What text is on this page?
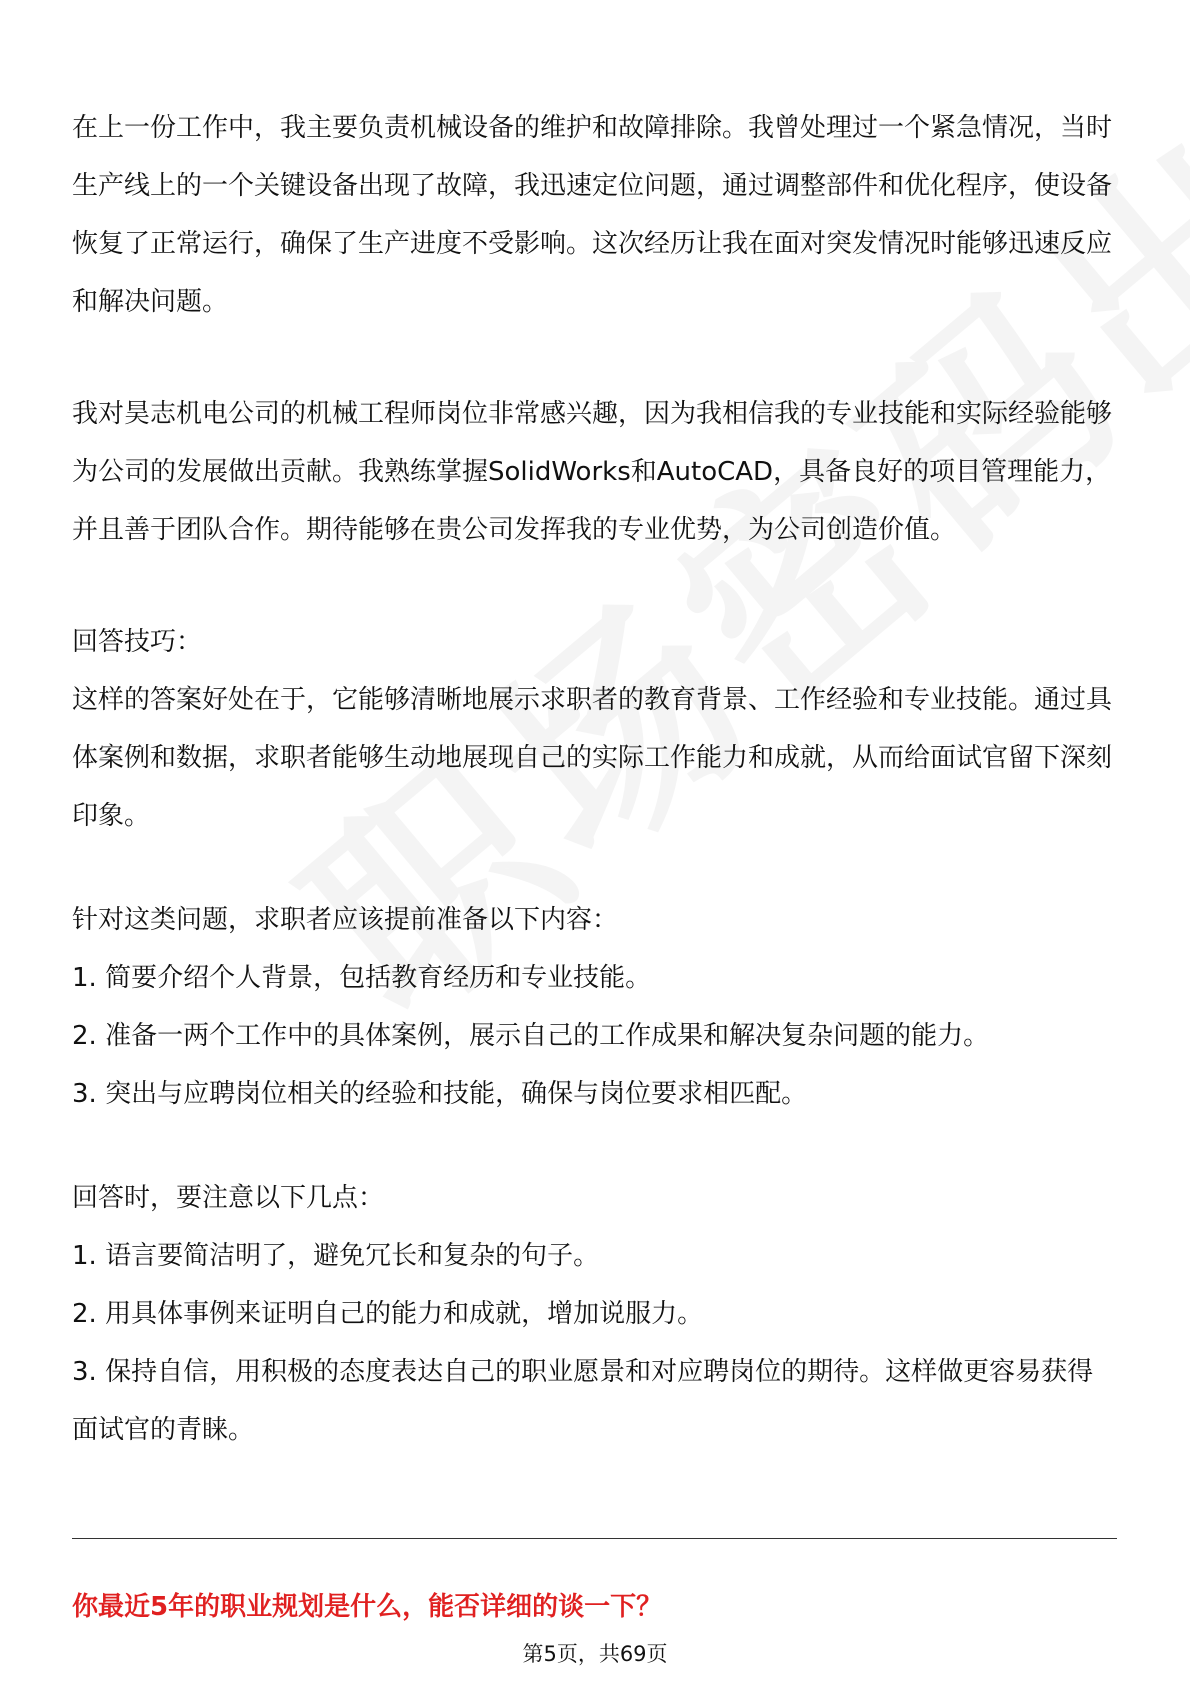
在上一份工作中，我主要负责机械设备的维护和故障排除。我曾处理过一个紧急情况，当时生产线上的一个关键设备出现了故障，我迅速定位问题，通过调整部件和优化程序，使设备恢复了正常运行，确保了生产进度不受影响。这次经历让我在面对突发情况时能够迅速反应和解决问题。

我对昊志机电公司的机械工程师岗位非常感兴趣，因为我相信我的专业技能和实际经验能够为公司的发展做出贡献。我熟练掌握SolidWorks和AutoCAD，具备良好的项目管理能力，并且善于团队合作。期待能够在贵公司发挥我的专业优势，为公司创造价值。

回答技巧：

这样的答案好处在于，它能够清晰地展示求职者的教育背景、工作经验和专业技能。通过具体案例和数据，求职者能够生动地展现自己的实际工作能力和成就，从而给面试官留下深刻印象。

针对这类问题，求职者应该提前准备以下内容：

1. 简要介绍个人背景，包括教育经历和专业技能。

2. 准备一两个工作中的具体案例，展示自己的工作成果和解决复杂问题的能力。

3. 突出与应聘岗位相关的经验和技能，确保与岗位要求相匹配。

回答时，要注意以下几点：

1. 语言要简洁明了，避免冗长和复杂的句子。

2. 用具体事例来证明自己的能力和成就，增加说服力。

3. 保持自信，用积极的态度表达自己的职业愿景和对应聘岗位的期待。这样做更容易获得面试官的青睐。

你最近5年的职业规划是什么，能否详细的谈一下？

第5页，共69页
